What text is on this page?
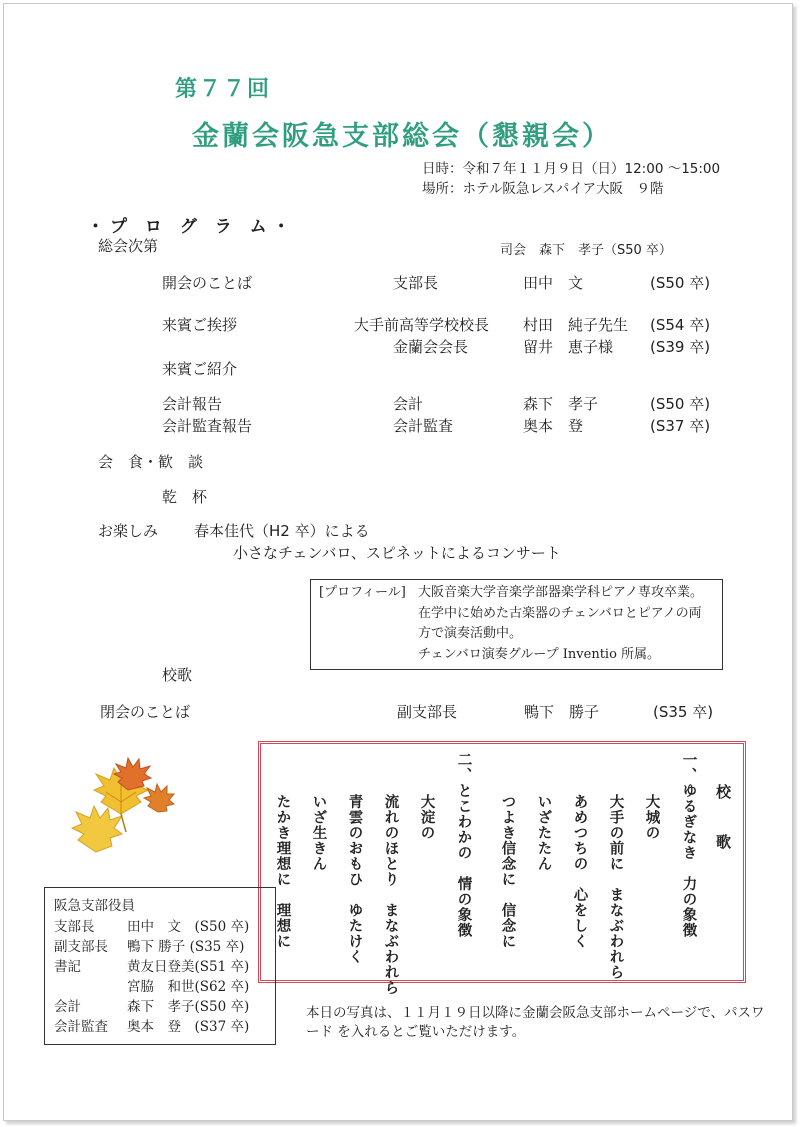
第７７回
金蘭会阪急支部総会（懇親会）
日時：令和７年１１月９日（日）12:00 〜15:00
場所：ホテル阪急レスパイア大阪　９階
・プ ロ グ ラ ム・
総会次第	司会　森下　孝子（S50 卒）
開会のことば	支部長	田中　文	(S50 卒)
来賓ご挨拶	大手前高等学校校長 村田　純子先生 (S54 卒)
金蘭会会長	留井　恵子様 (S39 卒)
来賓ご紹介
会計報告	会計	森下　孝子	(S50 卒)
会計監査報告	会計監査	奥本　登	(S37 卒)
会　食・歓　談
乾　杯
お楽しみ 春本佳代（H2 卒）による
小さなチェンバロ、スピネットによるコンサート
[プロフィール] 大阪音楽大学音楽学部器楽学科ピアノ専攻卒業。
在学中に始めた古楽器のチェンバロとピアノの両
方で演奏活動中。
チェンバロ演奏グループ Inventio 所属。
校歌
閉会のことば	副支部長	鴨下　勝子	(S35 卒)
校　歌
一、ゆるぎなき　力の象徴
大城の
大手の前に　まなぶわれら
あめつちの　心をしく
いざたたん
つよき信念に　信念に
二、とこわかの　情の象徴
大淀の
流れのほとり　まなぶわれら
青雲のおもひ　ゆたけく
いざ生きん
たかき理想に　理想に
阪急支部役員
支部長 田中　文　(S50 卒)
副支部長 鴨下 勝子 (S35 卒)
書記	黄友日登美(S51 卒)
宮脇　和世(S62 卒)
会計	森下　孝子(S50 卒)
会計監査 奥本　登　(S37 卒)
本日の写真は、１１月１９日以降に金蘭会阪急支部ホームページで、パスワード を入れるとご覧いただけます。
